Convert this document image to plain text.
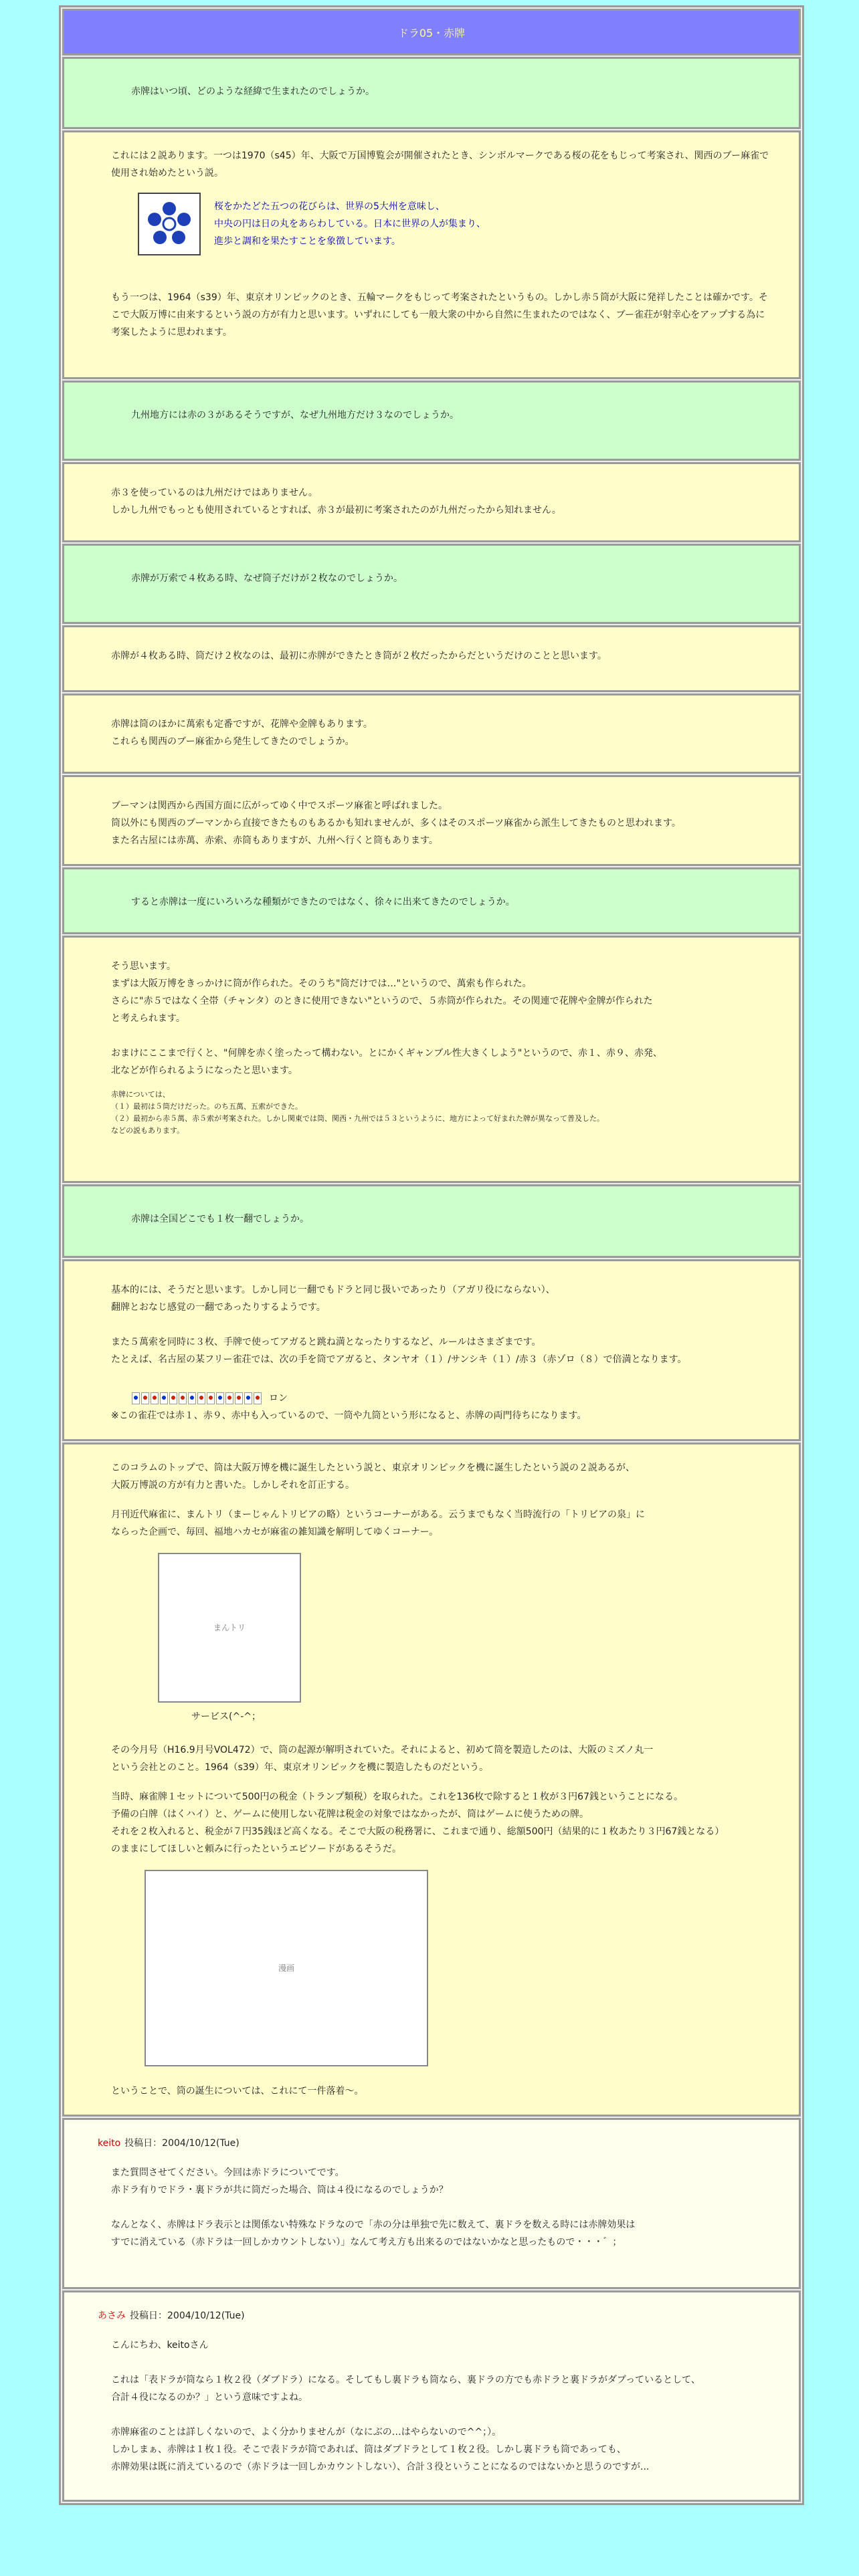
ドラ05・赤牌
赤牌はいつ頃、どのような経緯で生まれたのでしょうか。
これには２説あります。一つは1970（s45）年、大阪で万国博覧会が開催されたとき、シンボルマークである桜の花をもじって考案され、関西のブー麻雀で使用され始めたという説。
桜をかたどた五つの花びらは、世界の5大州を意味し、
中央の円は日の丸をあらわしている。日本に世界の人が集まり、
進歩と調和を果たすことを象徴しています。
もう一つは、1964（s39）年、東京オリンピックのとき、五輪マークをもじって考案されたというもの。しかし赤５筒が大阪に発祥したことは確かです。そこで大阪万博に由来するという説の方が有力と思います。いずれにしても一般大衆の中から自然に生まれたのではなく、ブー雀荘が射幸心をアップする為に考案したように思われます。
九州地方には赤の３があるそうですが、なぜ九州地方だけ３なのでしょうか。
赤３を使っているのは九州だけではありません。
しかし九州でもっとも使用されているとすれば、赤３が最初に考案されたのが九州だったから知れません。
赤牌が万索で４枚ある時、なぜ筒子だけが２枚なのでしょうか。
赤牌が４枚ある時、筒だけ２枚なのは、最初に赤牌ができたとき筒が２枚だったからだというだけのことと思います。
赤牌は筒のほかに萬索も定番ですが、花牌や金牌もあります。
これらも関西のブー麻雀から発生してきたのでしょうか。
ブーマンは関西から西国方面に広がってゆく中でスポーツ麻雀と呼ばれました。
筒以外にも関西のブーマンから直接できたものもあるかも知れませんが、多くはそのスポーツ麻雀から派生してきたものと思われます。
また名古屋には赤萬、赤索、赤筒もありますが、九州へ行くと筒もあります。
すると赤牌は一度にいろいろな種類ができたのではなく、徐々に出来てきたのでしょうか。
そう思います。
まずは大阪万博をきっかけに筒が作られた。そのうち"筒だけでは…"というので、萬索も作られた。
さらに"赤５ではなく全帯（チャンタ）のときに使用できない"というので、５赤筒が作られた。その関連で花牌や金牌が作られた
と考えられます。

おまけにここまで行くと、"何牌を赤く塗ったって構わない。とにかくギャンブル性大きくしよう"というので、赤１、赤９、赤発、
北などが作られるようになったと思います。
赤牌については、
（１）最初は５筒だけだった。のち五萬、五索ができた。
（２）最初から赤５萬、赤５索が考案された。しかし関東では筒、関西・九州では５３というように、地方によって好まれた牌が異なって普及した。
などの説もあります。
赤牌は全国どこでも１枚一翻でしょうか。
基本的には、そうだと思います。しかし同じ一翻でもドラと同じ扱いであったり（アガリ役にならない）、
翻牌とおなじ感覚の一翻であったりするようです。

また５萬索を同時に３枚、手牌で使ってアガると跳ね満となったりするなど、ルールはさまざまです。
たとえば、名古屋の某フリー雀荘では、次の手を筒でアガると、タンヤオ（１）/サンシキ（１）/赤３（赤ゾロ（８）で倍満となります。

ロン
※この雀荘では赤１、赤９、赤中も入っているので、一筒や九筒という形になると、赤牌の両門待ちになります。
このコラムのトップで、筒は大阪万博を機に誕生したという説と、東京オリンピックを機に誕生したという説の２説あるが、
大阪万博説の方が有力と書いた。しかしそれを訂正する。
月刊近代麻雀に、まんトリ（まーじゃんトリビアの略）というコーナーがある。云うまでもなく当時流行の「トリビアの泉」に
ならった企画で、毎回、福地ハカセが麻雀の雑知識を解明してゆくコーナー。
まんトリ
サービス(^-^；
その今月号（H16.9月号VOL472）で、筒の起源が解明されていた。それによると、初めて筒を製造したのは、大阪のミズノ丸一
という会社とのこと。1964（s39）年、東京オリンピックを機に製造したものだという。
当時、麻雀牌１セットについて500円の税金（トランプ類税）を取られた。これを136枚で除すると１枚が３円67銭ということになる。
予備の白牌（はくハイ）と、ゲームに使用しない花牌は税金の対象ではなかったが、筒はゲームに使うための牌。
それを２枚入れると、税金が７円35銭ほど高くなる。そこで大阪の税務署に、これまで通り、総額500円（結果的に１枚あたり３円67銭となる）
のままにしてほしいと頼みに行ったというエピソードがあるそうだ。
漫画
ということで、筒の誕生については、これにて一件落着〜。
keito 投稿日：2004/10/12(Tue)
また質問させてください。今回は赤ドラについてです。
赤ドラ有りでドラ・裏ドラが共に筒だった場合、筒は４役になるのでしょうか？

なんとなく、赤牌はドラ表示とは関係ない特殊なドラなので「赤の分は単独で先に数えて、裏ドラを数える時には赤牌効果は
すでに消えている（赤ドラは一回しかカウントしない）」なんて考え方も出来るのではないかなと思ったもので・・・゛；
あさみ 投稿日：2004/10/12(Tue)
こんにちわ、keitoさん

これは「表ドラが筒なら１枚２役（ダブドラ）になる。そしてもし裏ドラも筒なら、裏ドラの方でも赤ドラと裏ドラがダブっているとして、
合計４役になるのか？」という意味ですよね。

赤牌麻雀のことは詳しくないので、よく分かりませんが（なにぶの…はやらないので^^；）。
しかしまぁ、赤牌は１枚１役。そこで表ドラが筒であれば、筒はダブドラとして１枚２役。しかし裏ドラも筒であっても、
赤牌効果は既に消えているので（赤ドラは一回しかカウントしない）、合計３役ということになるのではないかと思うのですが...
